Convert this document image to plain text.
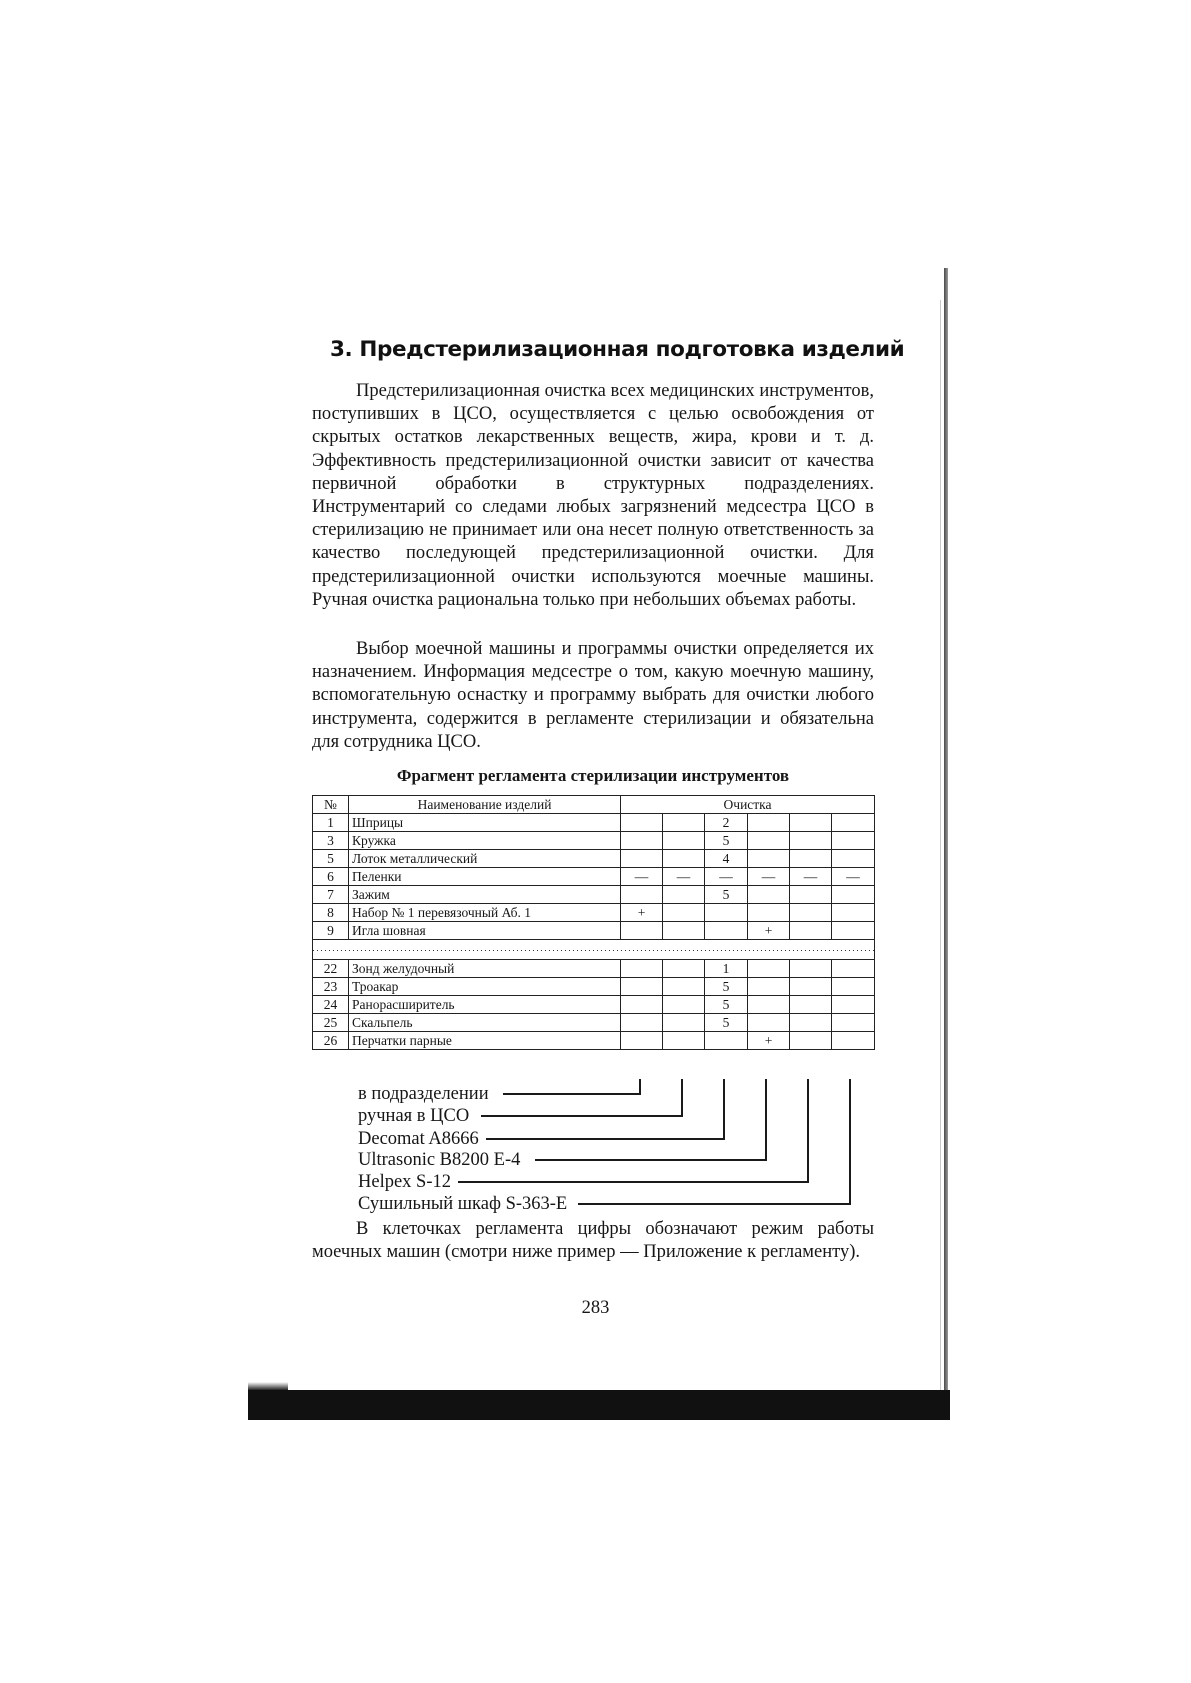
3. Предстерилизационная подготовка изделий
Предстерилизационная очистка всех медицинских инструментов, поступивших в ЦСО, осуществляется с целью освобождения от скрытых остатков лекарственных веществ, жира, крови и т. д. Эффективность предстерилизационной очистки зависит от качества первичной обработки в структурных подразделениях. Инструментарий со следами любых загрязнений медсестра ЦСО в стерилизацию не принимает или она несет полную ответственность за качество последующей предстерилизационной очистки. Для предстерилизационной очистки используются моечные машины. Ручная очистка рациональна только при небольших объемах работы.
Выбор моечной машины и программы очистки определяется их назначением. Информация медсестре о том, какую моечную машину, вспомогательную оснастку и программу выбрать для очистки любого инструмента, содержится в регламенте стерилизации и обязательна для сотрудника ЦСО.
Фрагмент регламента стерилизации инструментов
№	Наименование изделий	Очистка					
1	Шприцы			2			
3	Кружка			5			
5	Лоток металлический			4			
6	Пеленки	—	—	—	—	—	—
7	Зажим			5			
8	Набор № 1 перевязочный Аб. 1	+					
9	Игла шовная				+		

22	Зонд желудочный			1			
23	Троакар			5			
24	Ранорасширитель			5			
25	Скальпель			5			
26	Перчатки парные				+		
в подразделении
ручная в ЦСО
Decomat A8666
Ultrasonic B8200 E-4
Helpex S-12
Сушильный шкаф S-363-E
В клеточках регламента цифры обозначают режим работы моечных машин (смотри ниже пример — Приложение к регламенту).
283
